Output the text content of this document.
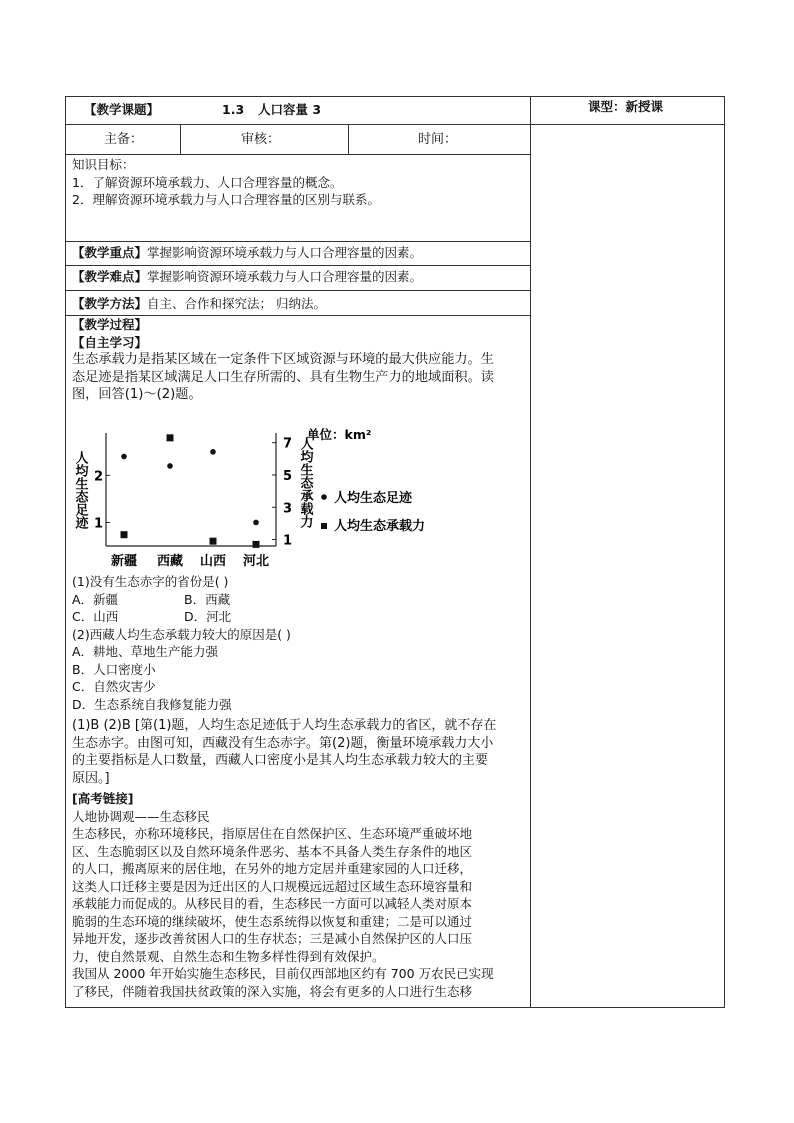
【教学课题】	1.3 人口容量 3	课型：新授课
主备：	审核：	时间：
知识目标：
1．了解资源环境承载力、人口合理容量的概念。
2．理解资源环境承载力与人口合理容量的区别与联系。
【教学重点】掌握影响资源环境承载力与人口合理容量的因素。
【教学难点】掌握影响资源环境承载力与人口合理容量的因素。
【教学方法】自主、合作和探究法； 归纳法。
【教学过程】
【自主学习】
生态承载力是指某区域在一定条件下区域资源与环境的最大供应能力。生
态足迹是指某区域满足人口生存所需的、具有生物生产力的地域面积。读
图，回答(1)～(2)题。
人均生态足迹	人均生态承载力
单位：km²
1
2
1
3
5
7
新疆 西藏 山西 河北
人均生态足迹
人均生态承载力
(1)没有生态赤字的省份是( )
A．新疆	B．西藏
C．山西	D．河北
(2)西藏人均生态承载力较大的原因是( )
A．耕地、草地生产能力强
B．人口密度小
C．自然灾害少
D．生态系统自我修复能力强
(1)B (2)B [第(1)题，人均生态足迹低于人均生态承载力的省区，就不存在
生态赤字。由图可知，西藏没有生态赤字。第(2)题，衡量环境承载力大小
的主要指标是人口数量，西藏人口密度小是其人均生态承载力较大的主要
原因。]
[高考链接]
人地协调观——生态移民
生态移民，亦称环境移民，指原居住在自然保护区、生态环境严重破坏地
区、生态脆弱区以及自然环境条件恶劣、基本不具备人类生存条件的地区
的人口，搬离原来的居住地，在另外的地方定居并重建家园的人口迁移，
这类人口迁移主要是因为迁出区的人口规模远远超过区域生态环境容量和
承载能力而促成的。从移民目的看，生态移民一方面可以减轻人类对原本
脆弱的生态环境的继续破坏，使生态系统得以恢复和重建；二是可以通过
异地开发，逐步改善贫困人口的生存状态；三是减小自然保护区的人口压
力，使自然景观、自然生态和生物多样性得到有效保护。
我国从 2000 年开始实施生态移民，目前仅西部地区约有 700 万农民已实现
了移民，伴随着我国扶贫政策的深入实施，将会有更多的人口进行生态移
